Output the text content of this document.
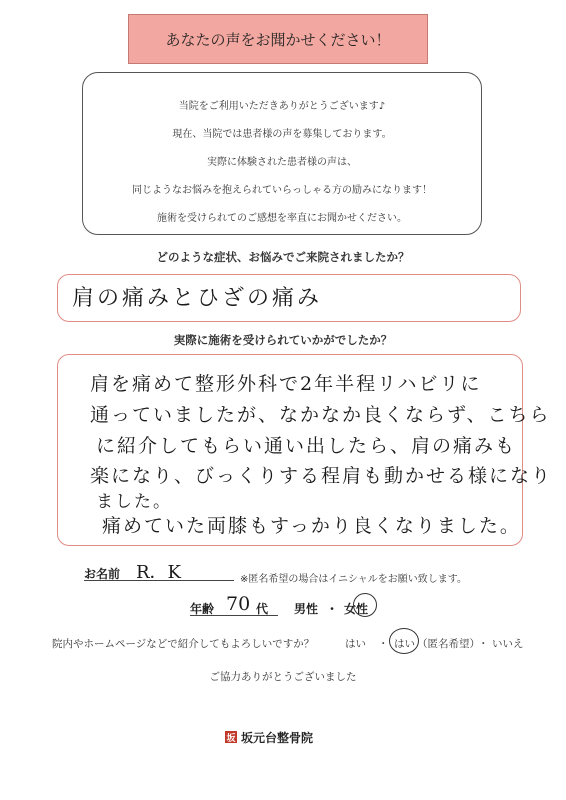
あなたの声をお聞かせください！
当院をご利用いただきありがとうございます♪
現在、当院では患者様の声を募集しております。
実際に体験された患者様の声は、
同じようなお悩みを抱えられていらっしゃる方の励みになります！
施術を受けられてのご感想を率直にお聞かせください。
どのような症状、お悩みでご来院されましたか？
肩の痛みとひざの痛み
実際に施術を受けられていかがでしたか？
肩を痛めて整形外科で2年半程リハビリに
通っていましたが、なかなか良くならず、こちら
に紹介してもらい通い出したら、肩の痛みも
楽になり、びっくりする程肩も動かせる様になり
ました。
痛めていた両膝もすっかり良くなりました。
お名前 R．K	※匿名希望の場合はイニシャルをお願い致します。
年齢 70 代 男性 ・ 女性
院内やホームページなどで紹介してもよろしいですか？	はい ・ はい （匿名希望）
・ いいえ
ご協力ありがとうございました
坂 坂元台整骨院
